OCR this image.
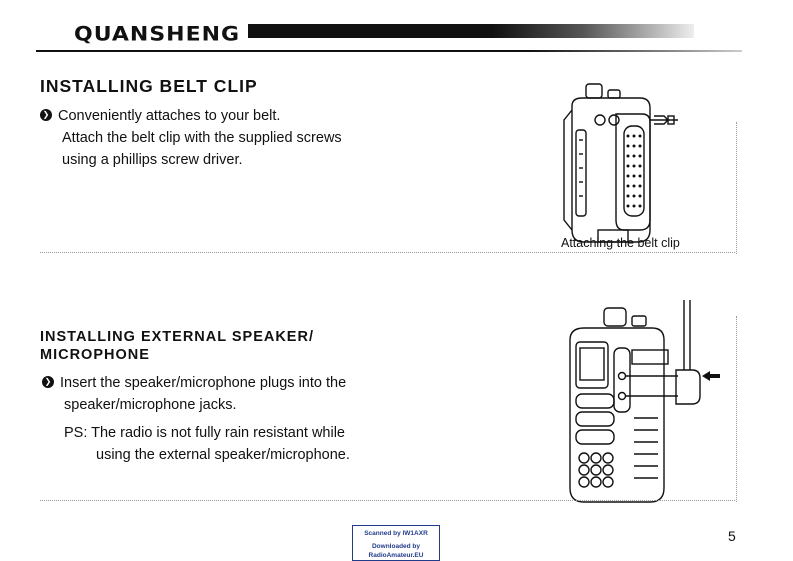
QUANSHENG
INSTALLING BELT CLIP
❯ Conveniently attaches to your belt.
Attach the belt clip with the supplied screws
using a phillips screw driver.
Attaching the belt clip
INSTALLING EXTERNAL SPEAKER/
MICROPHONE
❯ Insert the speaker/microphone plugs into the
speaker/microphone jacks.
PS: The radio is not fully rain resistant while
using the external speaker/microphone.
Scanned by IW1AXR
Downloaded by
RadioAmateur.EU
5
